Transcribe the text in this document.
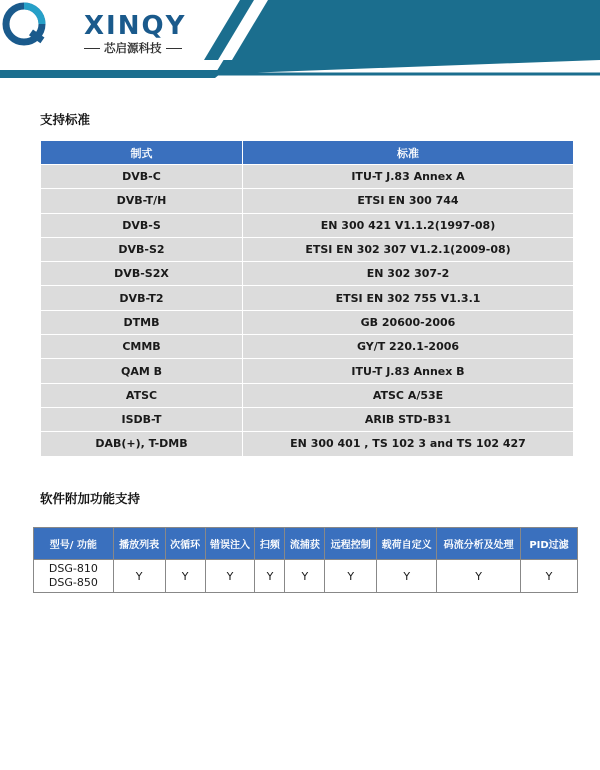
XINQY
芯启源科技
支持标准
制式	标准
DVB-C	ITU-T J.83 Annex A
DVB-T/H	ETSI EN 300 744
DVB-S	EN 300 421 V1.1.2(1997-08)
DVB-S2	ETSI EN 302 307 V1.2.1(2009-08)
DVB-S2X	EN 302 307-2
DVB-T2	ETSI EN 302 755 V1.3.1
DTMB	GB 20600-2006
CMMB	GY/T 220.1-2006
QAM B	ITU-T J.83 Annex B
ATSC	ATSC A/53E
ISDB-T	ARIB STD-B31
DAB(+), T-DMB	EN 300 401 , TS 102 3 and TS 102 427
软件附加功能支持
型号/ 功能	播放列表	次循环	错误注入	扫频	流捕获	远程控制	载荷自定义	码流分析及处理	PID过滤

DSG-810
DSG-850	Y	Y	Y	Y	Y	Y	Y	Y	Y
